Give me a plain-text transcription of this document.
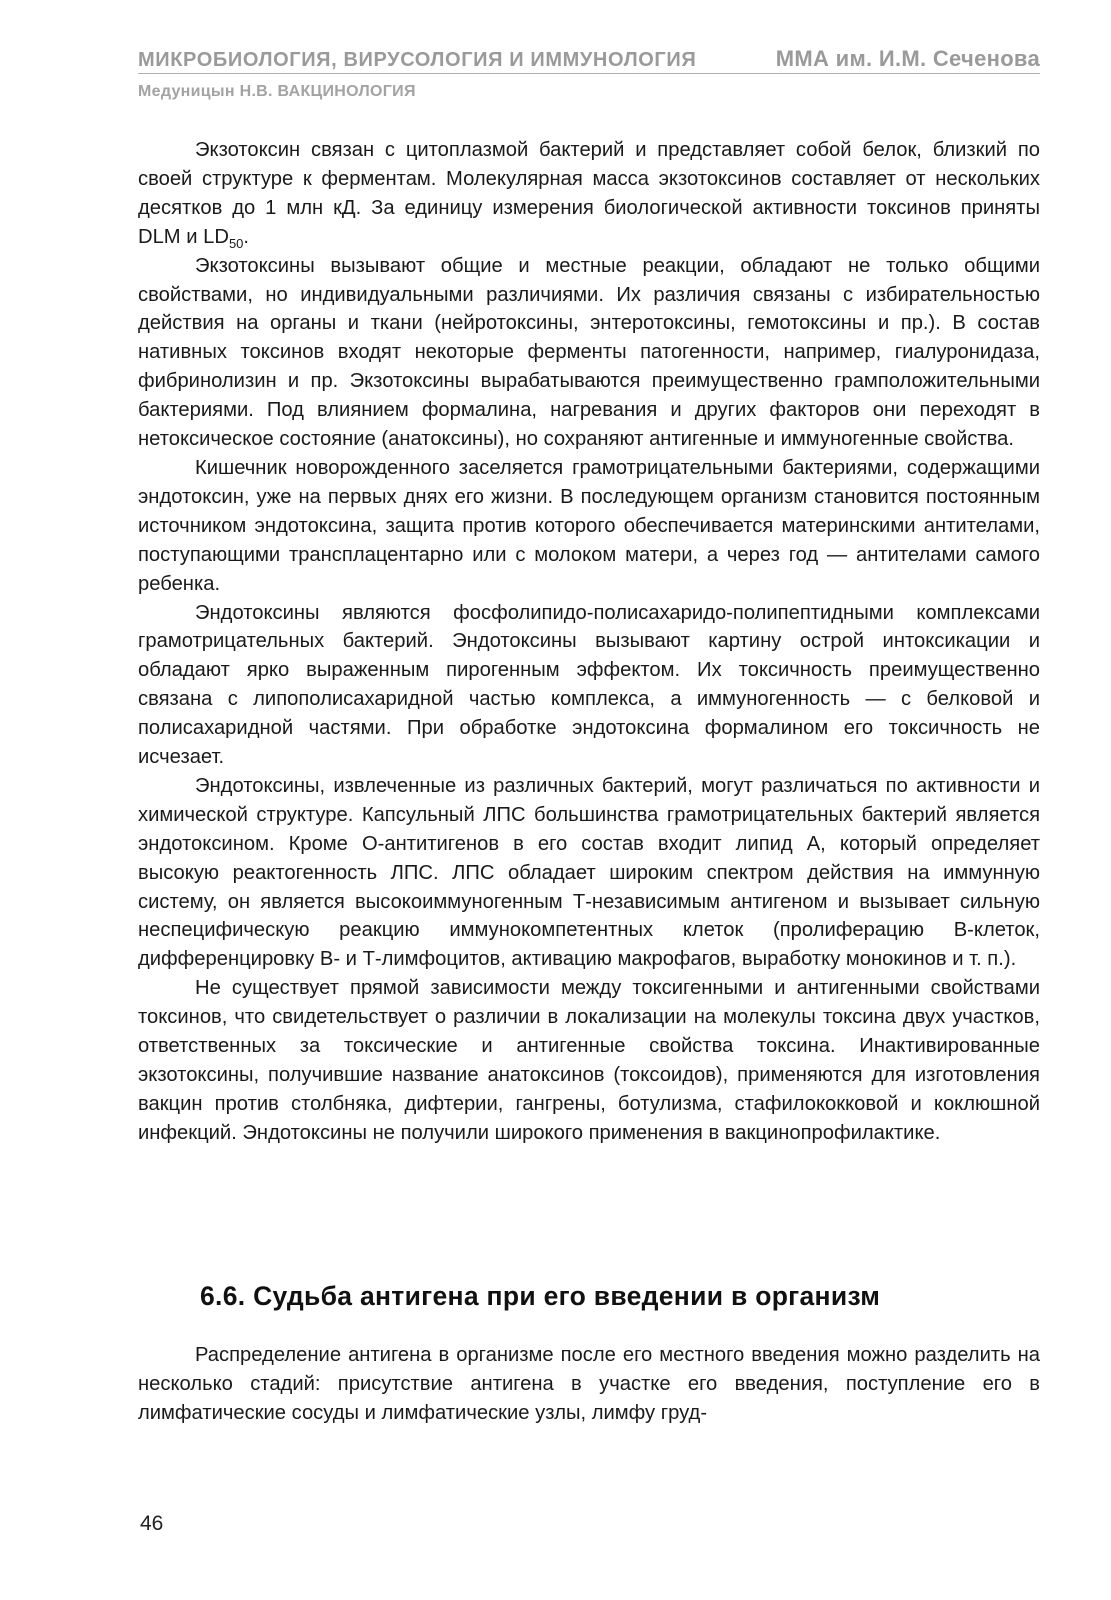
МИКРОБИОЛОГИЯ, ВИРУСОЛОГИЯ И ИММУНОЛОГИЯ	ММА им. И.М. Сеченова
Медуницын Н.В. ВАКЦИНОЛОГИЯ

Экзотоксин связан с цитоплазмой бактерий и представляет собой белок, близкий по своей структуре к ферментам. Молекулярная масса экзотоксинов составляет от нескольких десятков до 1 млн кД. За единицу измерения биологической активности токсинов приняты DLM и $LD_{50}$.

Экзотоксины вызывают общие и местные реакции, обладают не только общими свойствами, но индивидуальными различиями. Их различия связаны с избирательностью действия на органы и ткани (нейротоксины, энтеротоксины, гемотоксины и пр.). В состав нативных токсинов входят некоторые ферменты патогенности, например, гиалуронидаза, фибринолизин и пр. Экзотоксины вырабатываются преимущественно грамположительными бактериями. Под влиянием формалина, нагревания и других факторов они переходят в нетоксическое состояние (анатоксины), но сохраняют антигенные и иммуногенные свойства.

Кишечник новорожденного заселяется грамотрицательными бактериями, содержащими эндотоксин, уже на первых днях его жизни. В последующем организм становится постоянным источником эндотоксина, защита против которого обеспечивается материнскими антителами, поступающими трансплацентарно или с молоком матери, а через год — антителами самого ребенка.

Эндотоксины являются фосфолипидо-полисахаридо-полипептидными комплексами грамотрицательных бактерий. Эндотоксины вызывают картину острой интоксикации и обладают ярко выраженным пирогенным эффектом. Их токсичность преимущественно связана с липополисахаридной частью комплекса, а иммуногенность — с белковой и полисахаридной частями. При обработке эндотоксина формалином его токсичность не исчезает.

Эндотоксины, извлеченные из различных бактерий, могут различаться по активности и химической структуре. Капсульный ЛПС большинства грамотрицательных бактерий является эндотоксином. Кроме О-антитигенов в его состав входит липид А, который определяет высокую реактогенность ЛПС. ЛПС обладает широким спектром действия на иммунную систему, он является высокоиммуногенным Т-независимым антигеном и вызывает сильную неспецифическую реакцию иммунокомпетентных клеток (пролиферацию В-клеток, дифференцировку В- и Т-лимфоцитов, активацию макрофагов, выработку монокинов и т. п.).

Не существует прямой зависимости между токсигенными и антигенными свойствами токсинов, что свидетельствует о различии в локализации на молекулы токсина двух участков, ответственных за токсические и антигенные свойства токсина. Инактивированные экзотоксины, получившие название анатоксинов (токсоидов), применяются для изготовления вакцин против столбняка, дифтерии, гангрены, ботулизма, стафилококковой и коклюшной инфекций. Эндотоксины не получили широкого применения в вакцинопрофилактике.

6.6. Судьба антигена при его введении в организм

Распределение антигена в организме после его местного введения можно разделить на несколько стадий: присутствие антигена в участке его введения, поступление его в лимфатические сосуды и лимфатические узлы, лимфу груд-

46
